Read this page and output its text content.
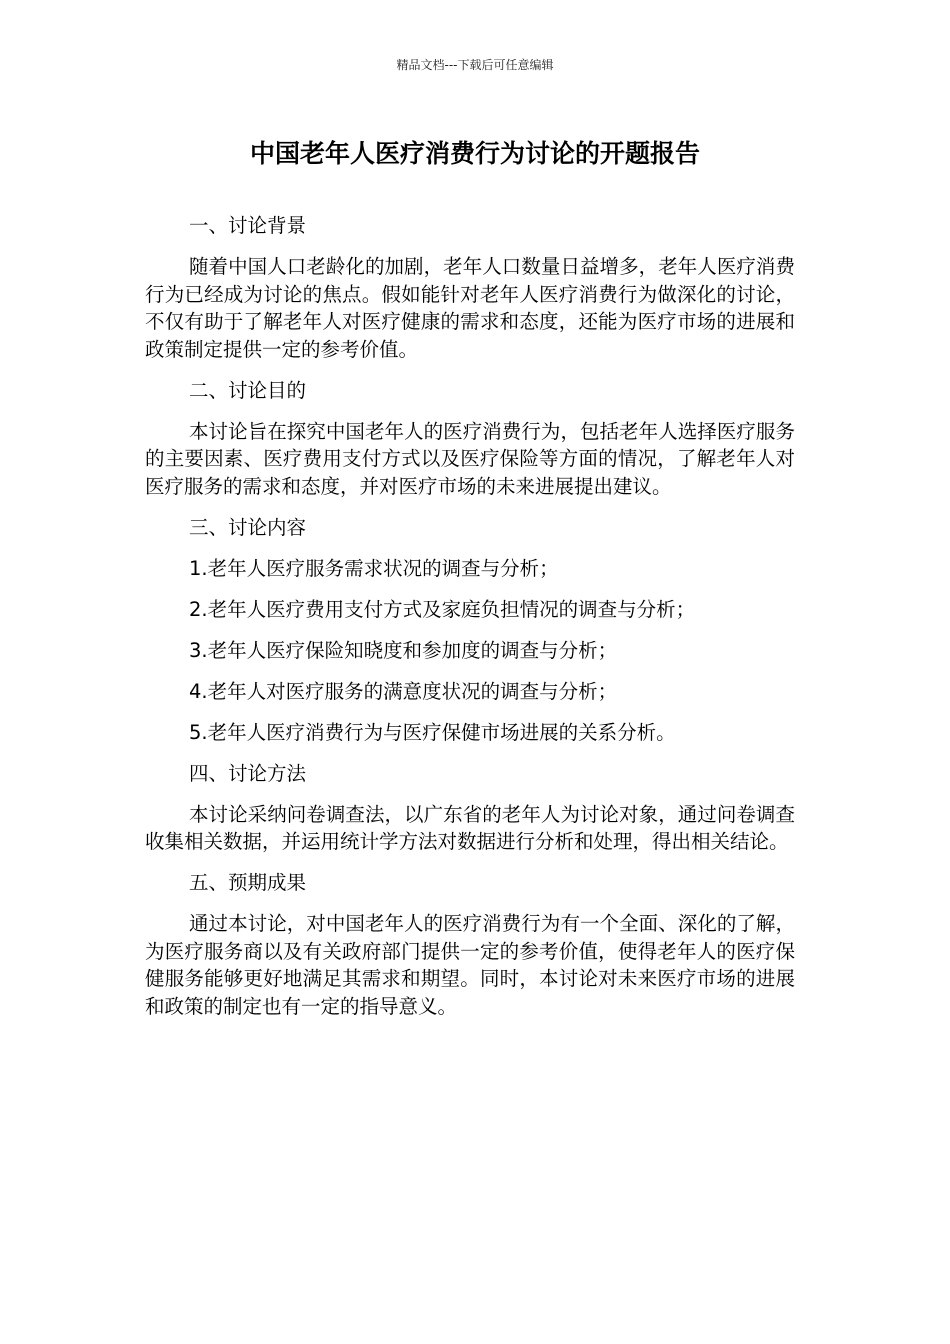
精品文档---下载后可任意编辑
中国老年人医疗消费行为讨论的开题报告

一、讨论背景

随着中国人口老龄化的加剧，老年人口数量日益增多，老年人医疗消费行为已经成为讨论的焦点。假如能针对老年人医疗消费行为做深化的讨论，不仅有助于了解老年人对医疗健康的需求和态度，还能为医疗市场的进展和政策制定提供一定的参考价值。

二、讨论目的

本讨论旨在探究中国老年人的医疗消费行为，包括老年人选择医疗服务的主要因素、医疗费用支付方式以及医疗保险等方面的情况，了解老年人对医疗服务的需求和态度，并对医疗市场的未来进展提出建议。

三、讨论内容

1.老年人医疗服务需求状况的调查与分析；

2.老年人医疗费用支付方式及家庭负担情况的调查与分析；

3.老年人医疗保险知晓度和参加度的调查与分析；

4.老年人对医疗服务的满意度状况的调查与分析；

5.老年人医疗消费行为与医疗保健市场进展的关系分析。

四、讨论方法

本讨论采纳问卷调查法，以广东省的老年人为讨论对象，通过问卷调查收集相关数据，并运用统计学方法对数据进行分析和处理，得出相关结论。

五、预期成果

通过本讨论，对中国老年人的医疗消费行为有一个全面、深化的了解，为医疗服务商以及有关政府部门提供一定的参考价值，使得老年人的医疗保健服务能够更好地满足其需求和期望。同时，本讨论对未来医疗市场的进展和政策的制定也有一定的指导意义。
